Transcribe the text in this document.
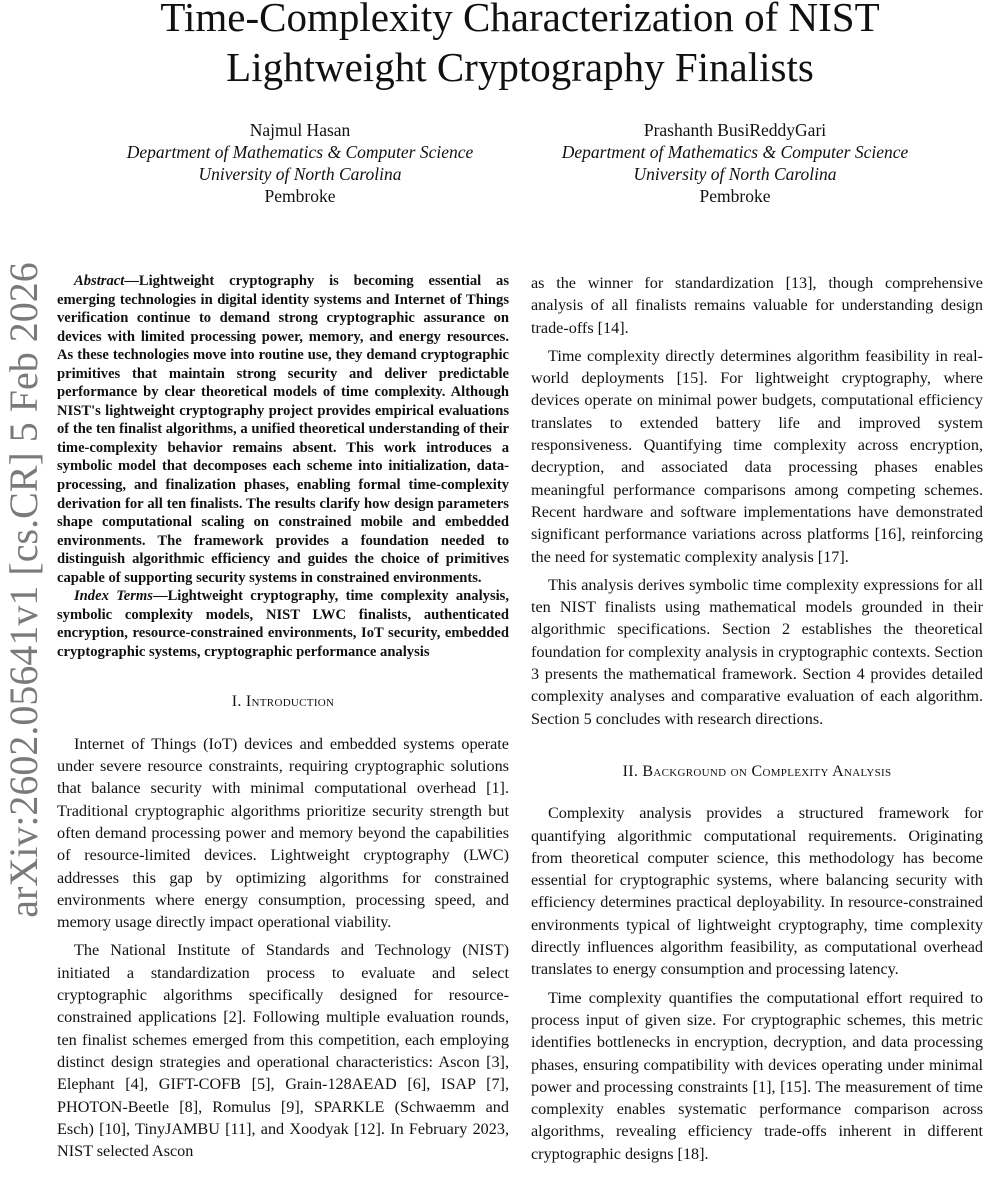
Time-Complexity Characterization of NIST
Lightweight Cryptography Finalists
Najmul Hasan
Department of Mathematics & Computer Science
University of North Carolina
Pembroke
Prashanth BusiReddyGari
Department of Mathematics & Computer Science
University of North Carolina
Pembroke
arXiv:2602.05641v1 [cs.CR] 5 Feb 2026	Abstract—Lightweight cryptography is becoming essential as emerging technologies in digital identity systems and Internet of Things verification continue to demand strong cryptographic assurance on devices with limited processing power, memory, and energy resources. As these technologies move into routine use, they demand cryptographic primitives that maintain strong security and deliver predictable performance by clear theoretical models of time complexity. Although NIST's lightweight cryptography project provides empirical evaluations of the ten finalist algorithms, a unified theoretical understanding of their time-complexity behavior remains absent. This work introduces a symbolic model that decomposes each scheme into initialization, data-processing, and finalization phases, enabling formal time-complexity derivation for all ten finalists. The results clarify how design parameters shape computational scaling on constrained mobile and embedded environments. The framework provides a foundation needed to distinguish algorithmic efficiency and guides the choice of primitives capable of supporting security systems in constrained environments.

Index Terms—Lightweight cryptography, time complexity analysis, symbolic complexity models, NIST LWC finalists, authenticated encryption, resource-constrained environments, IoT security, embedded cryptographic systems, cryptographic performance analysis

I. Introduction

Internet of Things (IoT) devices and embedded systems operate under severe resource constraints, requiring cryptographic solutions that balance security with minimal computational overhead [1]. Traditional cryptographic algorithms prioritize security strength but often demand processing power and memory beyond the capabilities of resource-limited devices. Lightweight cryptography (LWC) addresses this gap by optimizing algorithms for constrained environments where energy consumption, processing speed, and memory usage directly impact operational viability.

The National Institute of Standards and Technology (NIST) initiated a standardization process to evaluate and select cryptographic algorithms specifically designed for resource-constrained applications [2]. Following multiple evaluation rounds, ten finalist schemes emerged from this competition, each employing distinct design strategies and operational characteristics: Ascon [3], Elephant [4], GIFT-COFB [5], Grain-128AEAD [6], ISAP [7], PHOTON-Beetle [8], Romulus [9], SPARKLE (Schwaemm and Esch) [10], TinyJAMBU [11], and Xoodyak [12]. In February 2023, NIST selected Ascon

as the winner for standardization [13], though comprehensive analysis of all finalists remains valuable for understanding design trade-offs [14].

Time complexity directly determines algorithm feasibility in real-world deployments [15]. For lightweight cryptography, where devices operate on minimal power budgets, computational efficiency translates to extended battery life and improved system responsiveness. Quantifying time complexity across encryption, decryption, and associated data processing phases enables meaningful performance comparisons among competing schemes. Recent hardware and software implementations have demonstrated significant performance variations across platforms [16], reinforcing the need for systematic complexity analysis [17].

This analysis derives symbolic time complexity expressions for all ten NIST finalists using mathematical models grounded in their algorithmic specifications. Section 2 establishes the theoretical foundation for complexity analysis in cryptographic contexts. Section 3 presents the mathematical framework. Section 4 provides detailed complexity analyses and comparative evaluation of each algorithm. Section 5 concludes with research directions.

II. Background on Complexity Analysis

Complexity analysis provides a structured framework for quantifying algorithmic computational requirements. Originating from theoretical computer science, this methodology has become essential for cryptographic systems, where balancing security with efficiency determines practical deployability. In resource-constrained environments typical of lightweight cryptography, time complexity directly influences algorithm feasibility, as computational overhead translates to energy consumption and processing latency.

Time complexity quantifies the computational effort required to process input of given size. For cryptographic schemes, this metric identifies bottlenecks in encryption, decryption, and data processing phases, ensuring compatibility with devices operating under minimal power and processing constraints [1], [15]. The measurement of time complexity enables systematic performance comparison across algorithms, revealing efficiency trade-offs inherent in different cryptographic designs [18].
